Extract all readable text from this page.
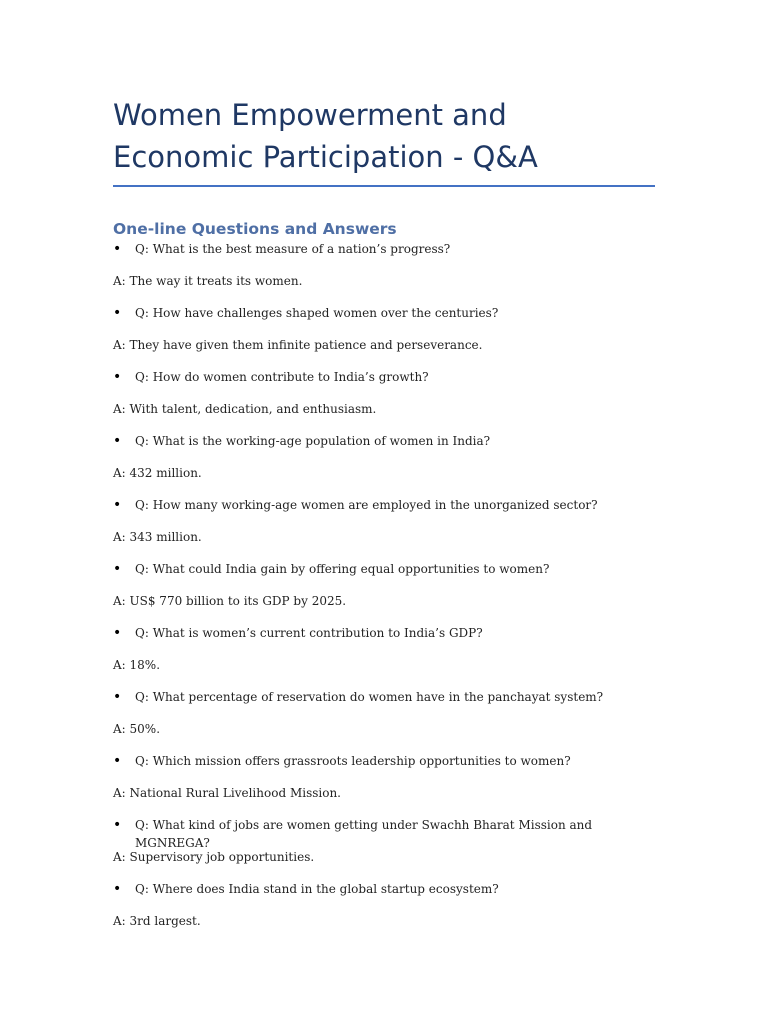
Women Empowerment and Economic Participation - Q&A
One-line Questions and Answers
• Q: What is the best measure of a nation’s progress?
A: The way it treats its women.
• Q: How have challenges shaped women over the centuries?
A: They have given them infinite patience and perseverance.
• Q: How do women contribute to India’s growth?
A: With talent, dedication, and enthusiasm.
• Q: What is the working-age population of women in India?
A: 432 million.
• Q: How many working-age women are employed in the unorganized sector?
A: 343 million.
• Q: What could India gain by offering equal opportunities to women?
A: US$ 770 billion to its GDP by 2025.
• Q: What is women’s current contribution to India’s GDP?
A: 18%.
• Q: What percentage of reservation do women have in the panchayat system?
A: 50%.
• Q: Which mission offers grassroots leadership opportunities to women?
A: National Rural Livelihood Mission.
• Q: What kind of jobs are women getting under Swachh Bharat Mission and MGNREGA?
A: Supervisory job opportunities.
• Q: Where does India stand in the global startup ecosystem?
A: 3rd largest.
